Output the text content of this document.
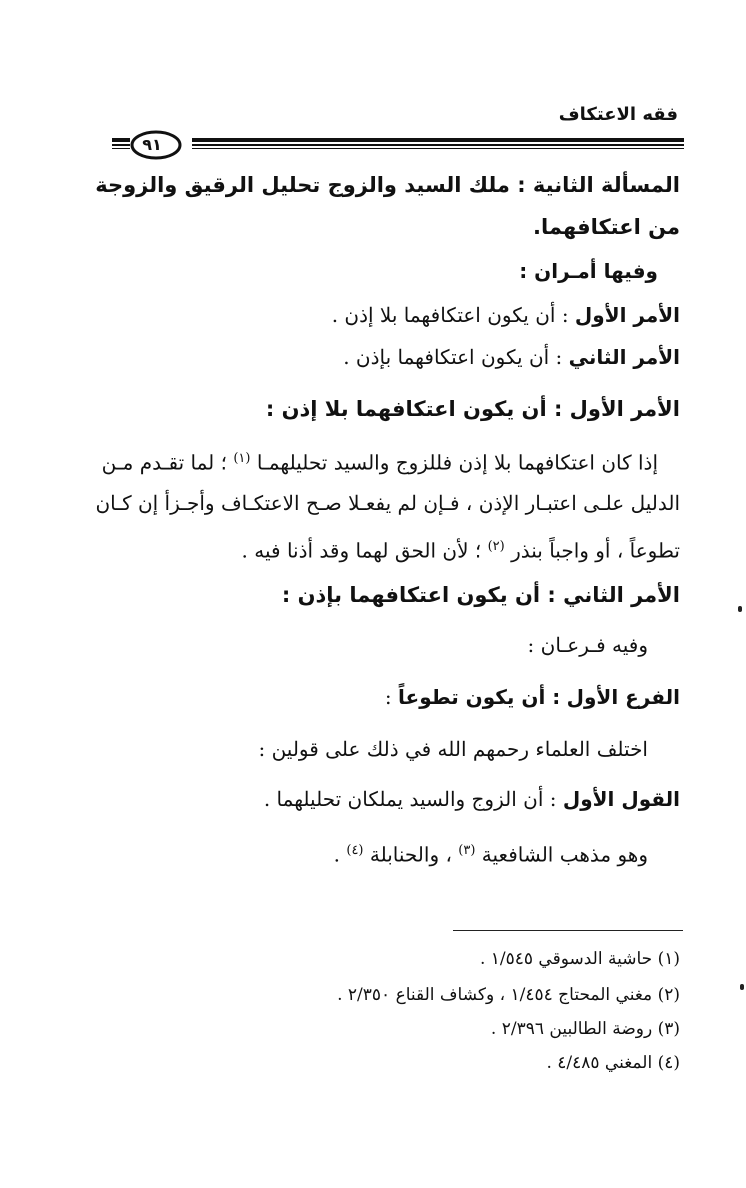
فقه الاعتكاف
٩١
المسألة الثانية : ملك السيد والزوج تحليل الرقيق والزوجة
من اعتكافهما.
وفيها أمـران :
الأمر الأول : أن يكون اعتكافهما بلا إذن .
الأمر الثاني : أن يكون اعتكافهما بإذن .
الأمر الأول : أن يكون اعتكافهما بلا إذن :
إذا كان اعتكافهما بلا إذن فللزوج والسيد تحليلهمـا $^{(١)}$ ؛ لما تقـدم مـن
الدليل علـى اعتبـار الإذن ، فـإن لم يفعـلا صـح الاعتكـاف وأجـزأ إن كـان
تطوعاً ، أو واجباً بنذر $^{(٢)}$ ؛ لأن الحق لهما وقد أذنا فيه .
الأمر الثاني : أن يكون اعتكافهما بإذن :
وفيه فـرعـان :
الفرع الأول : أن يكون تطوعاً :
اختلف العلماء رحمهم الله في ذلك على قولين :
القول الأول : أن الزوج والسيد يملكان تحليلهما .
وهو مذهب الشافعية $^{(٣)}$ ، والحنابلة $^{(٤)}$ .
(١) حاشية الدسوقي ١/٥٤٥ .
(٢) مغني المحتاج ١/٤٥٤ ، وكشاف القناع ٢/٣٥٠ .
(٣) روضة الطالبين ٢/٣٩٦ .
(٤) المغني ٤/٤٨٥ .
